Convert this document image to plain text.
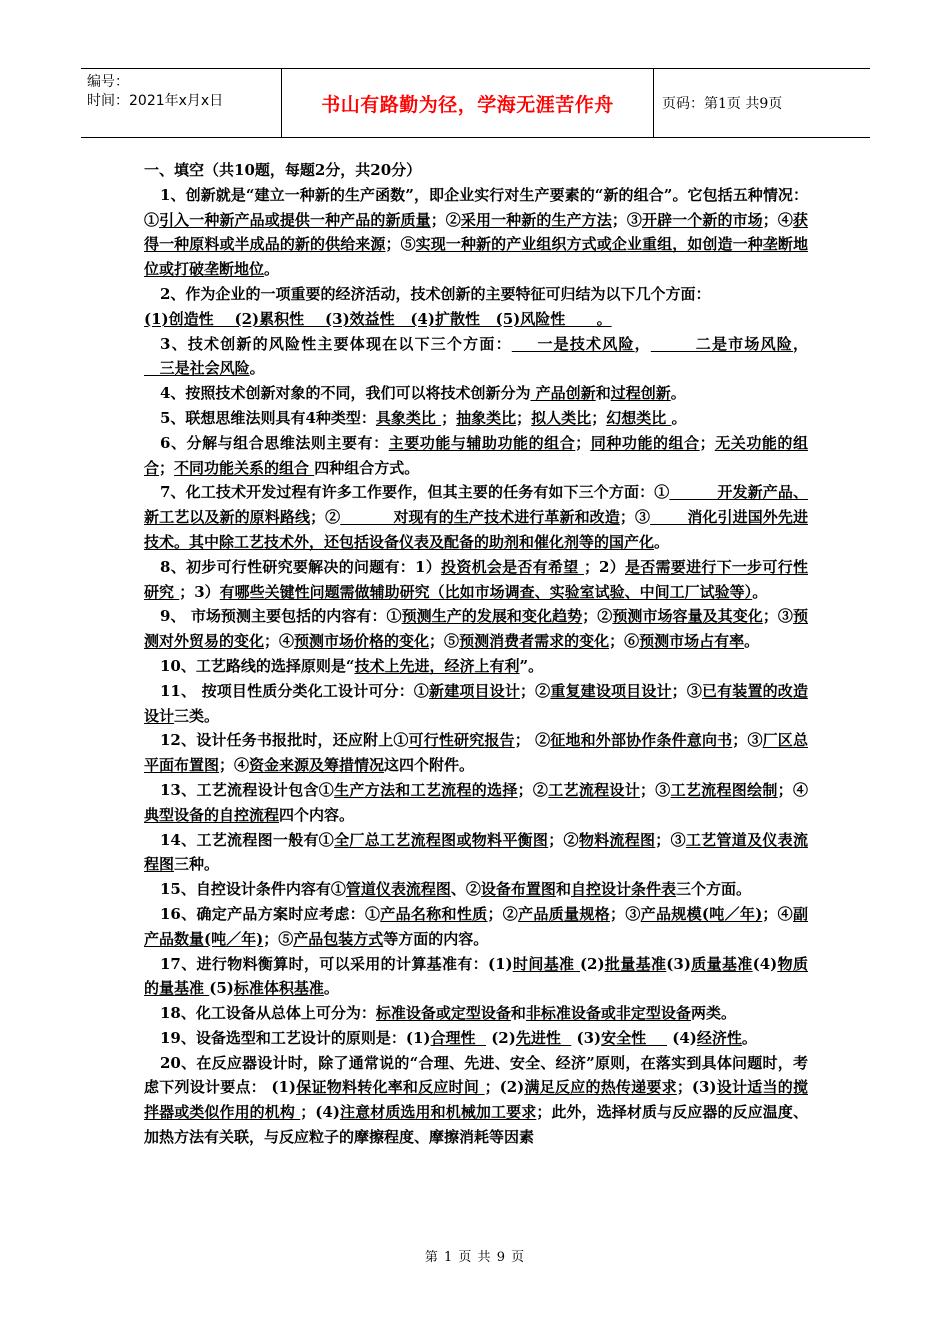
编号：
时间：2021年x月x日	书山有路勤为径，学海无涯苦作舟	页码：第1页 共9页

一、填空（共10题，每题2分，共20分）

1、创新就是“建立一种新的生产函数”，即企业实行对生产要素的“新的组合”。它包括五种情况：①引入一种新产品或提供一种产品的新质量；②采用一种新的生产方法；③开辟一个新的市场；④获得一种原料或半成品的新的供给来源；⑤实现一种新的产业组织方式或企业重组，如创造一种垄断地位或打破垄断地位。

2、作为企业的一项重要的经济活动，技术创新的主要特征可归结为以下几个方面：

(1)创造性    (2)累积性    (3)效益性   (4)扩散性   (5)风险性      。

3、技术创新的风险性主要体现在以下三个方面：    一是技术风险，       二是市场风险，   三是社会风险。

4、按照技术创新对象的不同，我们可以将技术创新分为 产品创新和过程创新。

5、联想思维法则具有4种类型：具象类比 ；抽象类比；拟人类比；幻想类比 。

6、分解与组合思维法则主要有：主要功能与辅助功能的组合；同种功能的组合；无关功能的组合；不同功能关系的组合 四种组合方式。

7、化工技术开发过程有许多工作要作，但其主要的任务有如下三个方面：①         开发新产品、新工艺以及新的原料路线；②          对现有的生产技术进行革新和改造；③       消化引进国外先进技术。其中除工艺技术外，还包括设备仪表及配备的助剂和催化剂等的国产化。

8、初步可行性研究要解决的问题有：1）投资机会是否有希望 ；2）是否需要进行下一步可行性研究 ；3）有哪些关键性问题需做辅助研究（比如市场调查、实验室试验、中间工厂试验等）。

9、 市场预测主要包括的内容有：①预测生产的发展和变化趋势；②预测市场容量及其变化；③预测对外贸易的变化；④预测市场价格的变化；⑤预测消费者需求的变化；⑥预测市场占有率。

10、工艺路线的选择原则是“技术上先进，经济上有利”。

11、 按项目性质分类化工设计可分：①新建项目设计；②重复建设项目设计；③已有装置的改造设计三类。

12、设计任务书报批时，还应附上①可行性研究报告； ②征地和外部协作条件意向书；③厂区总平面布置图；④资金来源及筹措情况这四个附件。

13、工艺流程设计包含①生产方法和工艺流程的选择；②工艺流程设计；③工艺流程图绘制；④典型设备的自控流程四个内容。

14、工艺流程图一般有①全厂总工艺流程图或物料平衡图；②物料流程图；③工艺管道及仪表流程图三种。

15、自控设计条件内容有①管道仪表流程图、②设备布置图和自控设计条件表三个方面。

16、确定产品方案时应考虑：①产品名称和性质；②产品质量规格；③产品规模(吨／年)；④副产品数量(吨／年)；⑤产品包装方式等方面的内容。

17、进行物料衡算时，可以采用的计算基准有：(1)时间基准 (2)批量基准(3)质量基准(4)物质的量基准 (5)标准体积基准。

18、化工设备从总体上可分为：标准设备或定型设备和非标准设备或非定型设备两类。

19、设备选型和工艺设计的原则是：(1)合理性   (2)先进性   (3)安全性     (4)经济性。

20、在反应器设计时，除了通常说的“合理、先进、安全、经济”原则，在落实到具体问题时，考虑下列设计要点： (1)保证物料转化率和反应时间 ；(2)满足反应的热传递要求；(3)设计适当的搅拌器或类似作用的机构 ；(4)注意材质选用和机械加工要求；此外，选择材质与反应器的反应温度、加热方法有关联，与反应粒子的摩擦程度、摩擦消耗等因素

第 1 页 共 9 页
